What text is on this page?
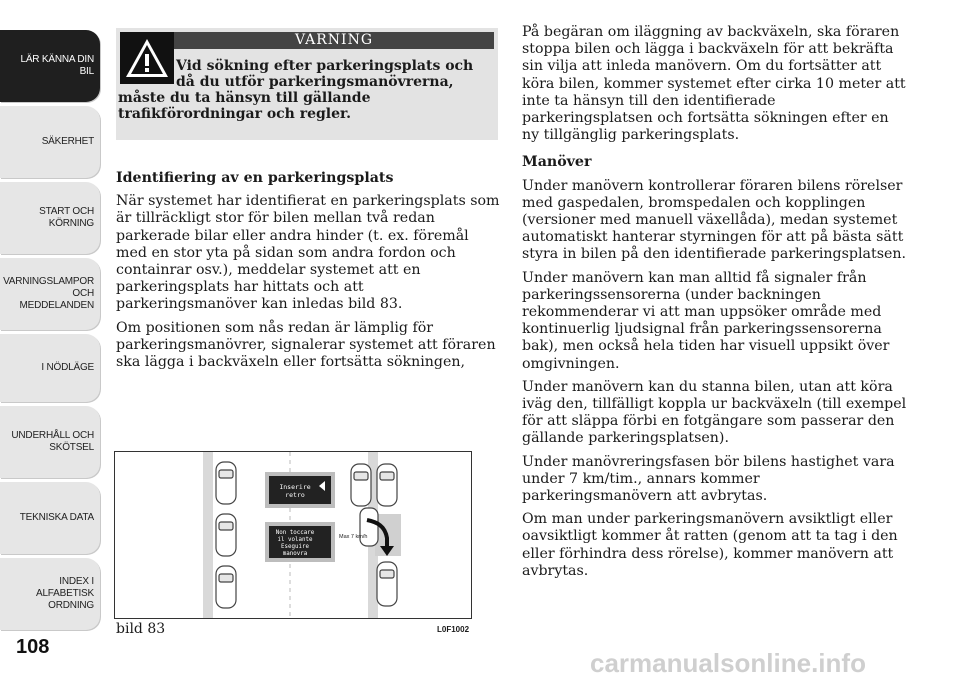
LÄR KÄNNA DIN
BIL
SÄKERHET
START OCH
KÖRNING
VARNINGSLAMPOR
OCH
MEDDELANDEN
I NÖDLÄGE
UNDERHÅLL OCH
SKÖTSEL
TEKNISKA DATA
INDEX I
ALFABETISK
ORDNING
108
VARNING
Vid sökning efter parkeringsplats och då du utför parkeringsmanövrerna,
måste du ta hänsyn till gällande trafikförordningar och regler.
Identifiering av en parkeringsplats

När systemet har identifierat en parkeringsplats som är tillräckligt stor för bilen mellan två redan parkerade bilar eller andra hinder (t. ex. föremål med en stor yta på sidan som andra fordon och containrar osv.), meddelar systemet att en parkeringsplats har hittats och att parkeringsmanöver kan inledas bild 83.

Om positionen som nås redan är lämplig för parkeringsmanövrer, signalerar systemet att föraren ska lägga i backväxeln eller fortsätta sökningen,

Inserire
retro
Non toccare
il volante
Eseguire
manovra
Max 7 km/h
bild 83	L0F1002

På begäran om iläggning av backväxeln, ska föraren stoppa bilen och lägga i backväxeln för att bekräfta sin vilja att inleda manövern. Om du fortsätter att köra bilen, kommer systemet efter cirka 10 meter att inte ta hänsyn till den identifierade parkeringsplatsen och fortsätta sökningen efter en ny tillgänglig parkeringsplats.

Manöver

Under manövern kontrollerar föraren bilens rörelser med gaspedalen, bromspedalen och kopplingen (versioner med manuell växellåda), medan systemet automatiskt hanterar styrningen för att på bästa sätt styra in bilen på den identifierade parkeringsplatsen.

Under manövern kan man alltid få signaler från parkeringssensorerna (under backningen rekommenderar vi att man uppsöker område med kontinuerlig ljudsignal från parkeringssensorerna bak), men också hela tiden har visuell uppsikt över omgivningen.

Under manövern kan du stanna bilen, utan att köra iväg den, tillfälligt koppla ur backväxeln (till exempel för att släppa förbi en fotgängare som passerar den gällande parkeringsplatsen).

Under manövreringsfasen bör bilens hastighet vara under 7 km/tim., annars kommer parkeringsmanövern att avbrytas.

Om man under parkeringsmanövern avsiktligt eller oavsiktligt kommer åt ratten (genom att ta tag i den eller förhindra dess rörelse), kommer manövern att avbrytas.

carmanualsonline.info
